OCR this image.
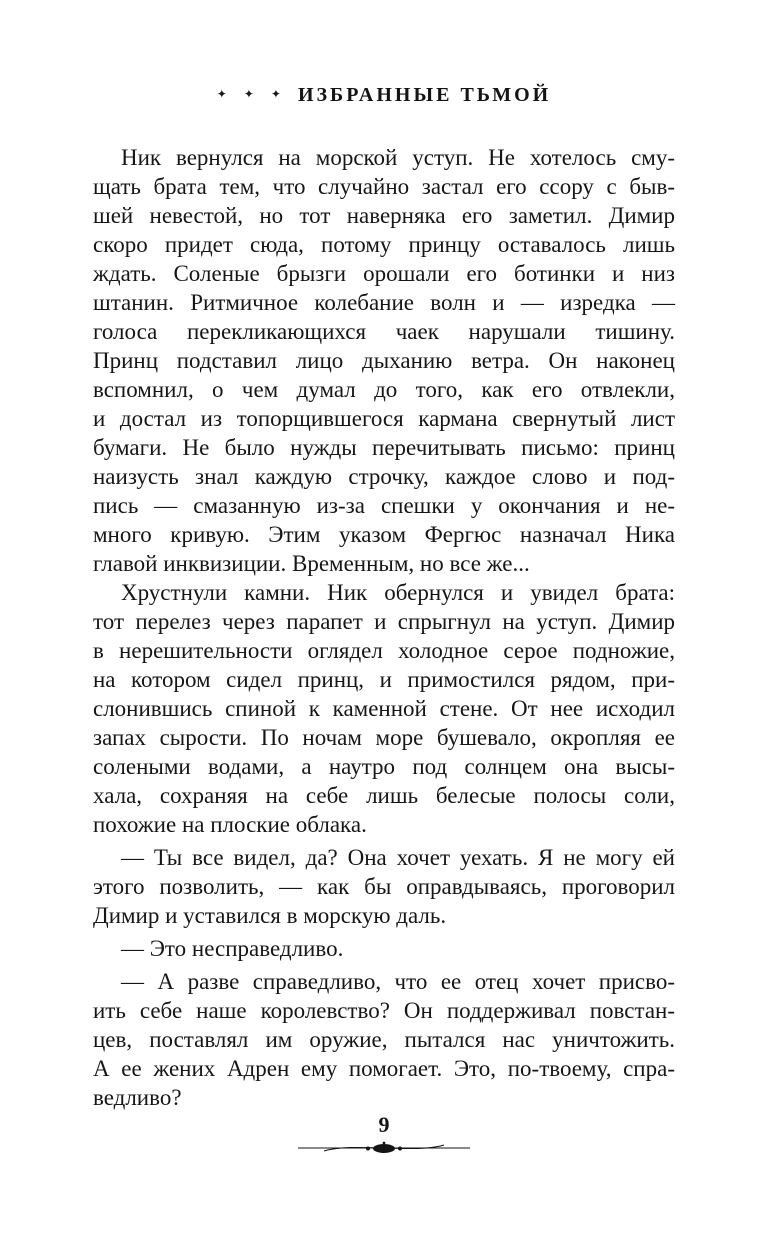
✦ ✦ ✦ ИЗБРАННЫЕ ТЬМОЙ
Ник вернулся на морской уступ. Не хотелось сму-
щать брата тем, что случайно застал его ссору с быв-
шей невестой, но тот наверняка его заметил. Димир
скоро придет сюда, потому принцу оставалось лишь
ждать. Соленые брызги орошали его ботинки и низ
штанин. Ритмичное колебание волн и — изредка —
голоса перекликающихся чаек нарушали тишину.
Принц подставил лицо дыханию ветра. Он наконец
вспомнил, о чем думал до того, как его отвлекли,
и достал из топорщившегося кармана свернутый лист
бумаги. Не было нужды перечитывать письмо: принц
наизусть знал каждую строчку, каждое слово и под-
пись — смазанную из-за спешки у окончания и не-
много кривую. Этим указом Фергюс назначал Ника
главой инквизиции. Временным, но все же...
Хрустнули камни. Ник обернулся и увидел брата:
тот перелез через парапет и спрыгнул на уступ. Димир
в нерешительности оглядел холодное серое подножие,
на котором сидел принц, и примостился рядом, при-
слонившись спиной к каменной стене. От нее исходил
запах сырости. По ночам море бушевало, окропляя ее
солеными водами, а наутро под солнцем она высы-
хала, сохраняя на себе лишь белесые полосы соли,
похожие на плоские облака.
— Ты все видел, да? Она хочет уехать. Я не могу ей
этого позволить, — как бы оправдываясь, проговорил
Димир и уставился в морскую даль.
— Это несправедливо.
— А разве справедливо, что ее отец хочет присво-
ить себе наше королевство? Он поддерживал повстан-
цев, поставлял им оружие, пытался нас уничтожить.
А ее жених Адрен ему помогает. Это, по-твоему, спра-
ведливо?
9
